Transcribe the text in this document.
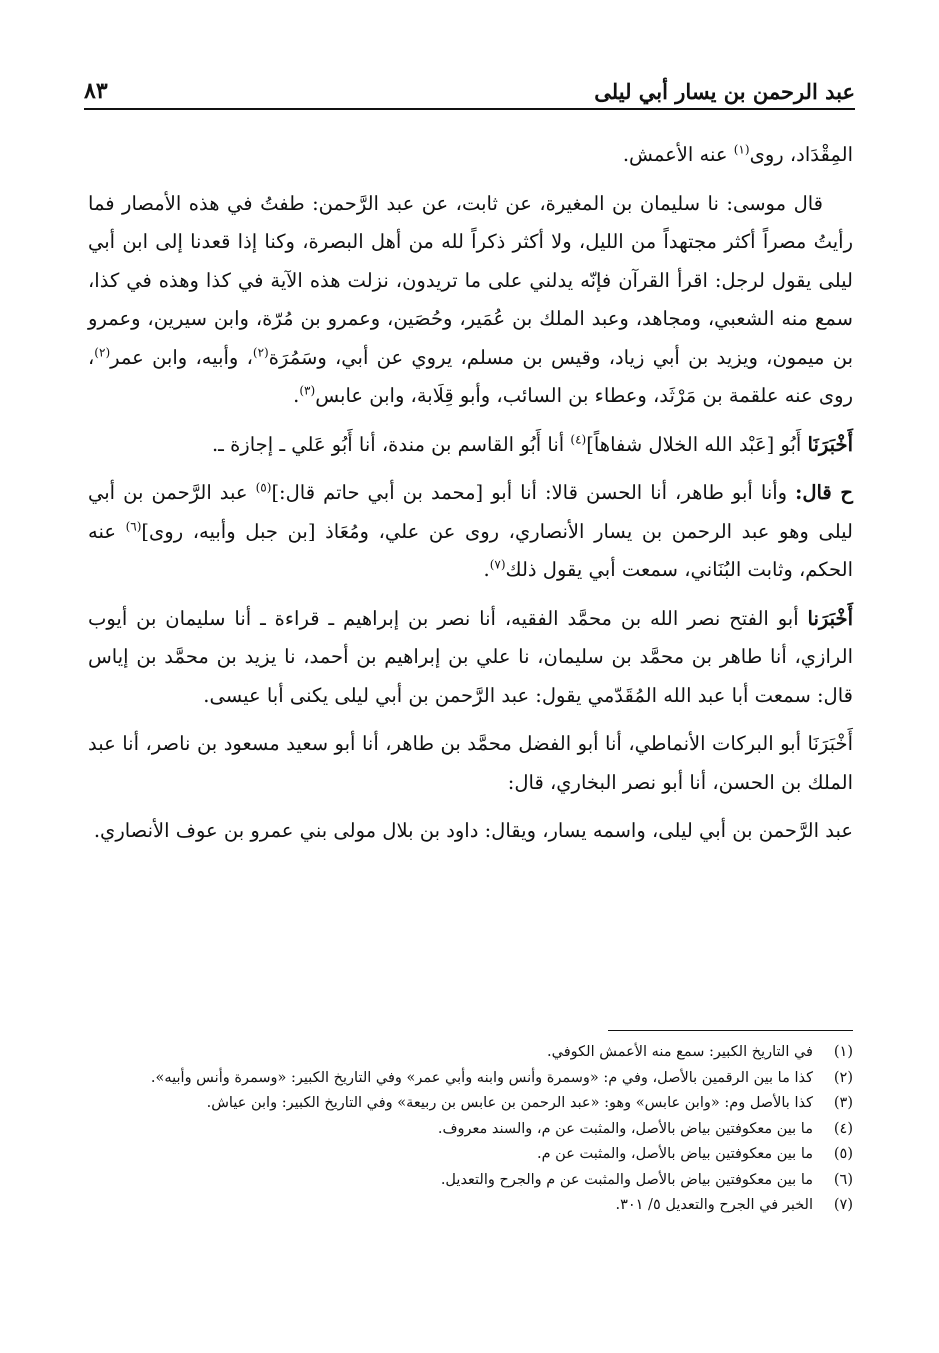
عبد الرحمن بن يسار أبي ليلى
٨٣

المِقْدَاد، روى$^{(١)}$ عنه الأعمش.

قال موسى: نا سليمان بن المغيرة، عن ثابت، عن عبد الرَّحمن: طفتُ في هذه الأمصار فما رأيتُ مصراً أكثر مجتهداً من الليل، ولا أكثر ذكراً لله من أهل البصرة، وكنا إذا قعدنا إلى ابن أبي ليلى يقول لرجل: اقرأ القرآن فإنّه يدلني على ما تريدون، نزلت هذه الآية في كذا وهذه في كذا، سمع منه الشعبي، ومجاهد، وعبد الملك بن عُمَير، وحُصَين، وعمرو بن مُرّة، وابن سيرين، وعمرو بن ميمون، ويزيد بن أبي زياد، وقيس بن مسلم، يروي عن أبي، وسَمُرَة$^{(٢)}$، وأبيه، وابن عمر$^{(٢)}$، روى عنه علقمة بن مَرْثَد، وعطاء بن السائب، وأبو قِلَابة، وابن عابس$^{(٣)}$.

أَخْبَرَنَا أَبُو [عَبْد الله الخلال شفاهاً]$^{(٤)}$ أنا أَبُو القاسم بن مندة، أنا أَبُو عَلي ـ إجازة ـ.

ح قال: وأنا أبو طاهر، أنا الحسن قالا: أنا أبو [محمد بن أبي حاتم قال:]$^{(٥)}$ عبد الرَّحمن بن أبي ليلى وهو عبد الرحمن بن يسار الأنصاري، روى عن علي، ومُعَاذ [بن جبل وأبيه، روى]$^{(٦)}$ عنه الحكم، وثابت البُنَاني، سمعت أبي يقول ذلك$^{(٧)}$.

أَخْبَرَنا أبو الفتح نصر الله بن محمَّد الفقيه، أنا نصر بن إبراهيم ـ قراءة ـ أنا سليمان بن أيوب الرازي، أنا طاهر بن محمَّد بن سليمان، نا علي بن إبراهيم بن أحمد، نا يزيد بن محمَّد بن إياس قال: سمعت أبا عبد الله المُقَدّمي يقول: عبد الرَّحمن بن أبي ليلى يكنى أبا عيسى.

أَخْبَرَنَا أبو البركات الأنماطي، أنا أبو الفضل محمَّد بن طاهر، أنا أبو سعيد مسعود بن ناصر، أنا عبد الملك بن الحسن، أنا أبو نصر البخاري، قال:

عبد الرَّحمن بن أبي ليلى، واسمه يسار، ويقال: داود بن بلال مولى بني عمرو بن عوف الأنصاري.

(١)
في التاريخ الكبير: سمع منه الأعمش الكوفي.
(٢)
كذا ما بين الرقمين بالأصل، وفي م: «وسمرة وأنس وابنه وأبي عمر» وفي التاريخ الكبير: «وسمرة وأنس وأبيه».
(٣)
كذا بالأصل وم: «وابن عابس» وهو: «عبد الرحمن بن عابس بن ربيعة» وفي التاريخ الكبير: وابن عياش.
(٤)
ما بين معكوفتين بياض بالأصل، والمثبت عن م، والسند معروف.
(٥)
ما بين معكوفتين بياض بالأصل، والمثبت عن م.
(٦)
ما بين معكوفتين بياض بالأصل والمثبت عن م والجرح والتعديل.
(٧)
الخبر في الجرح والتعديل ٥/ ٣٠١.
